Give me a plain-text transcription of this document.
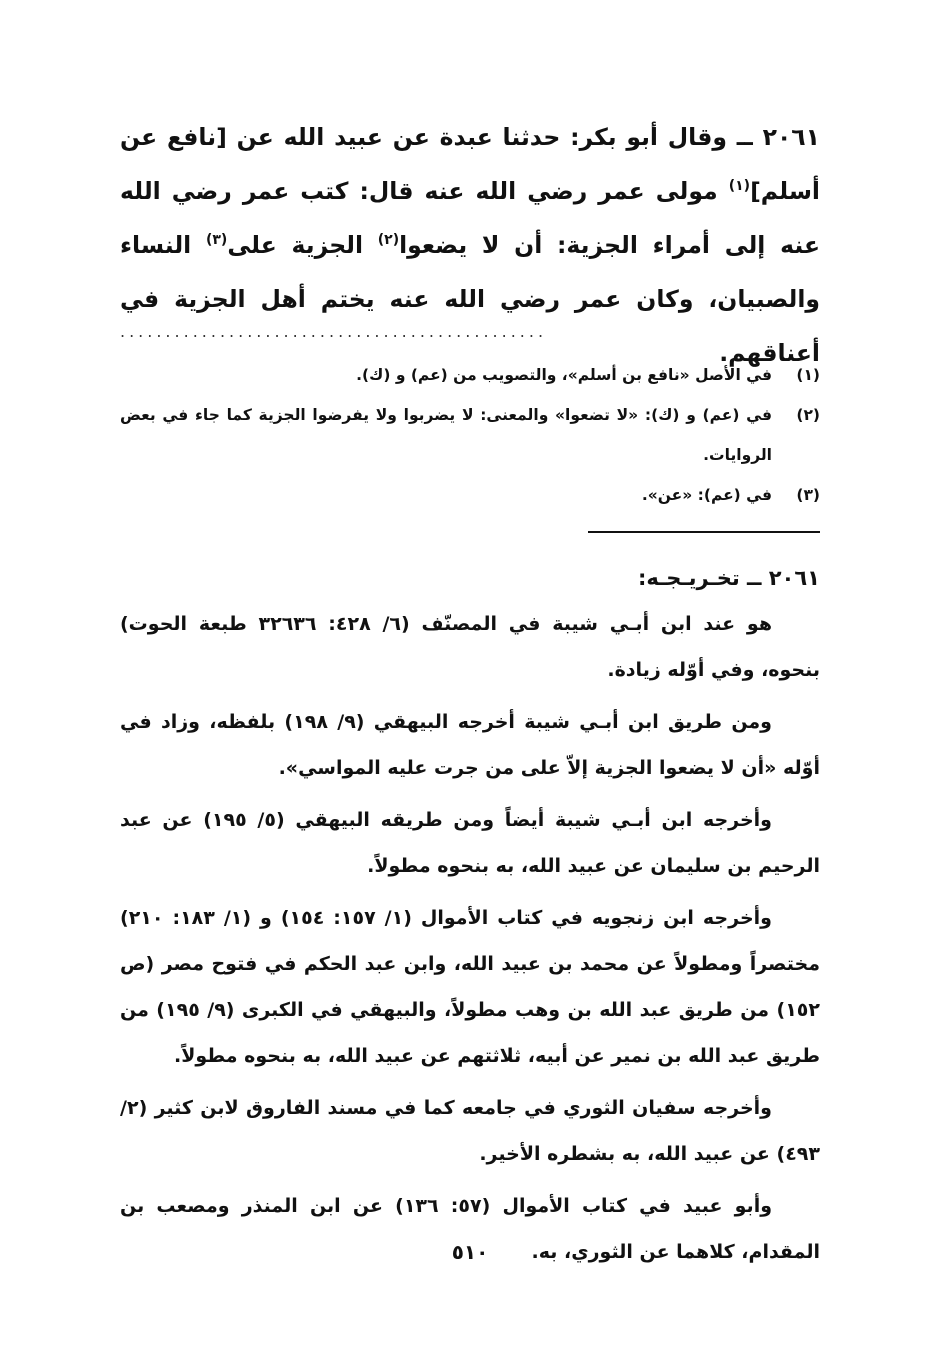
٢٠٦١ ــ وقال أبو بكر: حدثنا عبدة عن عبيد الله عن [نافع عن أسلم]$^{(١)}$ مولى عمر رضي الله عنه قال: كتب عمر رضي الله عنه إلى أمراء الجزية: أن لا يضعوا$^{(٢)}$ الجزية على$^{(٣)}$ النساء والصبيان، وكان عمر رضي الله عنه يختم أهل الجزية في أعناقهم.

...............................................
(١)
في الأصل «نافع بن أسلم»، والتصويب من (عم) و (ك).
(٢)
في (عم) و (ك): «لا تضعوا» والمعنى: لا يضربوا ولا يفرضوا الجزية كما جاء في بعض الروايات.
(٣)
في (عم): «عن».
٢٠٦١ ــ تخـريـجـه:

هو عند ابن أبـي شيبة في المصنّف (٦/ ٤٢٨: ٣٢٦٣٦ طبعة الحوت) بنحوه، وفي أوّله زيادة.

ومن طريق ابن أبـي شيبة أخرجه البيهقي (٩/ ١٩٨) بلفظه، وزاد في أوّله «أن لا يضعوا الجزية إلاّ على من جرت عليه المواسي».

وأخرجه ابن أبـي شيبة أيضاً ومن طريقه البيهقي (٥/ ١٩٥) عن عبد الرحيم بن سليمان عن عبيد الله، به بنحوه مطولاً.

وأخرجه ابن زنجويه في كتاب الأموال (١/ ١٥٧: ١٥٤) و (١/ ١٨٣: ٢١٠) مختصراً ومطولاً عن محمد بن عبيد الله، وابن عبد الحكم في فتوح مصر (ص ١٥٢) من طريق عبد الله بن وهب مطولاً، والبيهقي في الكبرى (٩/ ١٩٥) من طريق عبد الله بن نمير عن أبيه، ثلاثتهم عن عبيد الله، به بنحوه مطولاً.

وأخرجه سفيان الثوري في جامعه كما في مسند الفاروق لابن كثير (٢/ ٤٩٣) عن عبيد الله، به بشطره الأخير.

وأبو عبيد في كتاب الأموال (٥٧: ١٣٦) عن ابن المنذر ومصعب بن المقدام، كلاهما عن الثوري، به.

٥١٠
